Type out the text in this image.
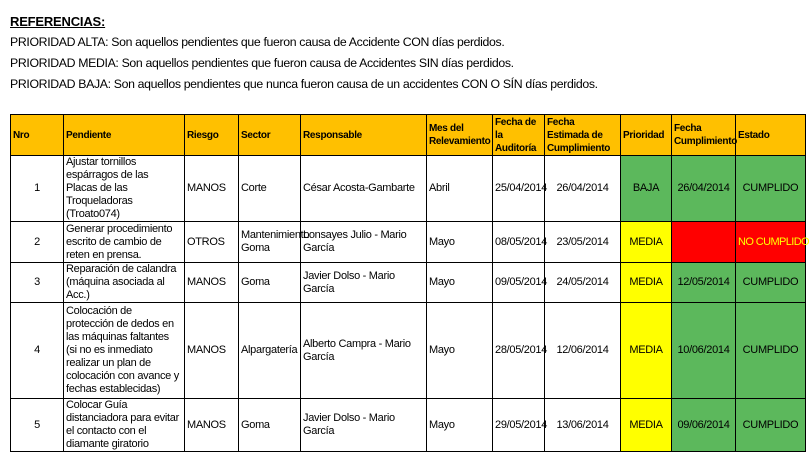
REFERENCIAS:
PRIORIDAD ALTA: Son aquellos pendientes que fueron causa de Accidente CON días perdidos.
PRIORIDAD MEDIA: Son aquellos pendientes que fueron causa de Accidentes SIN días perdidos.
PRIORIDAD BAJA: Son aquellos pendientes que nunca fueron causa de un accidentes CON O SÍN días perdidos.
Nro	Pendiente	Riesgo	Sector	Responsable	Mes del Relevamiento	Fecha de la Auditoría	Fecha Estimada de Cumplimiento	Prioridad	Fecha Cumplimiento	Estado
1	Ajustar tornillos espárragos de las Placas de las Troqueladoras (Troato074)	MANOS	Corte	César Acosta-Gambarte	Abril	25/04/2014	26/04/2014	BAJA	26/04/2014	CUMPLIDO
2	Generar procedimiento escrito de cambio de reten en prensa.	OTROS	Mantenimiento Goma	Lonsayes Julio - Mario García	Mayo	08/05/2014	23/05/2014	MEDIA		NO CUMPLIDO
3	Reparación de calandra (máquina asociada al Acc.)	MANOS	Goma	Javier Dolso - Mario García	Mayo	09/05/2014	24/05/2014	MEDIA	12/05/2014	CUMPLIDO
4	Colocación de protección de dedos en las máquinas faltantes (si no es inmediato realizar un plan de colocación con avance y fechas establecidas)	MANOS	Alpargatería	Alberto Campra - Mario García	Mayo	28/05/2014	12/06/2014	MEDIA	10/06/2014	CUMPLIDO
5	Colocar Guía distanciadora para evitar el contacto con el diamante giratorio	MANOS	Goma	Javier Dolso - Mario García	Mayo	29/05/2014	13/06/2014	MEDIA	09/06/2014	CUMPLIDO
